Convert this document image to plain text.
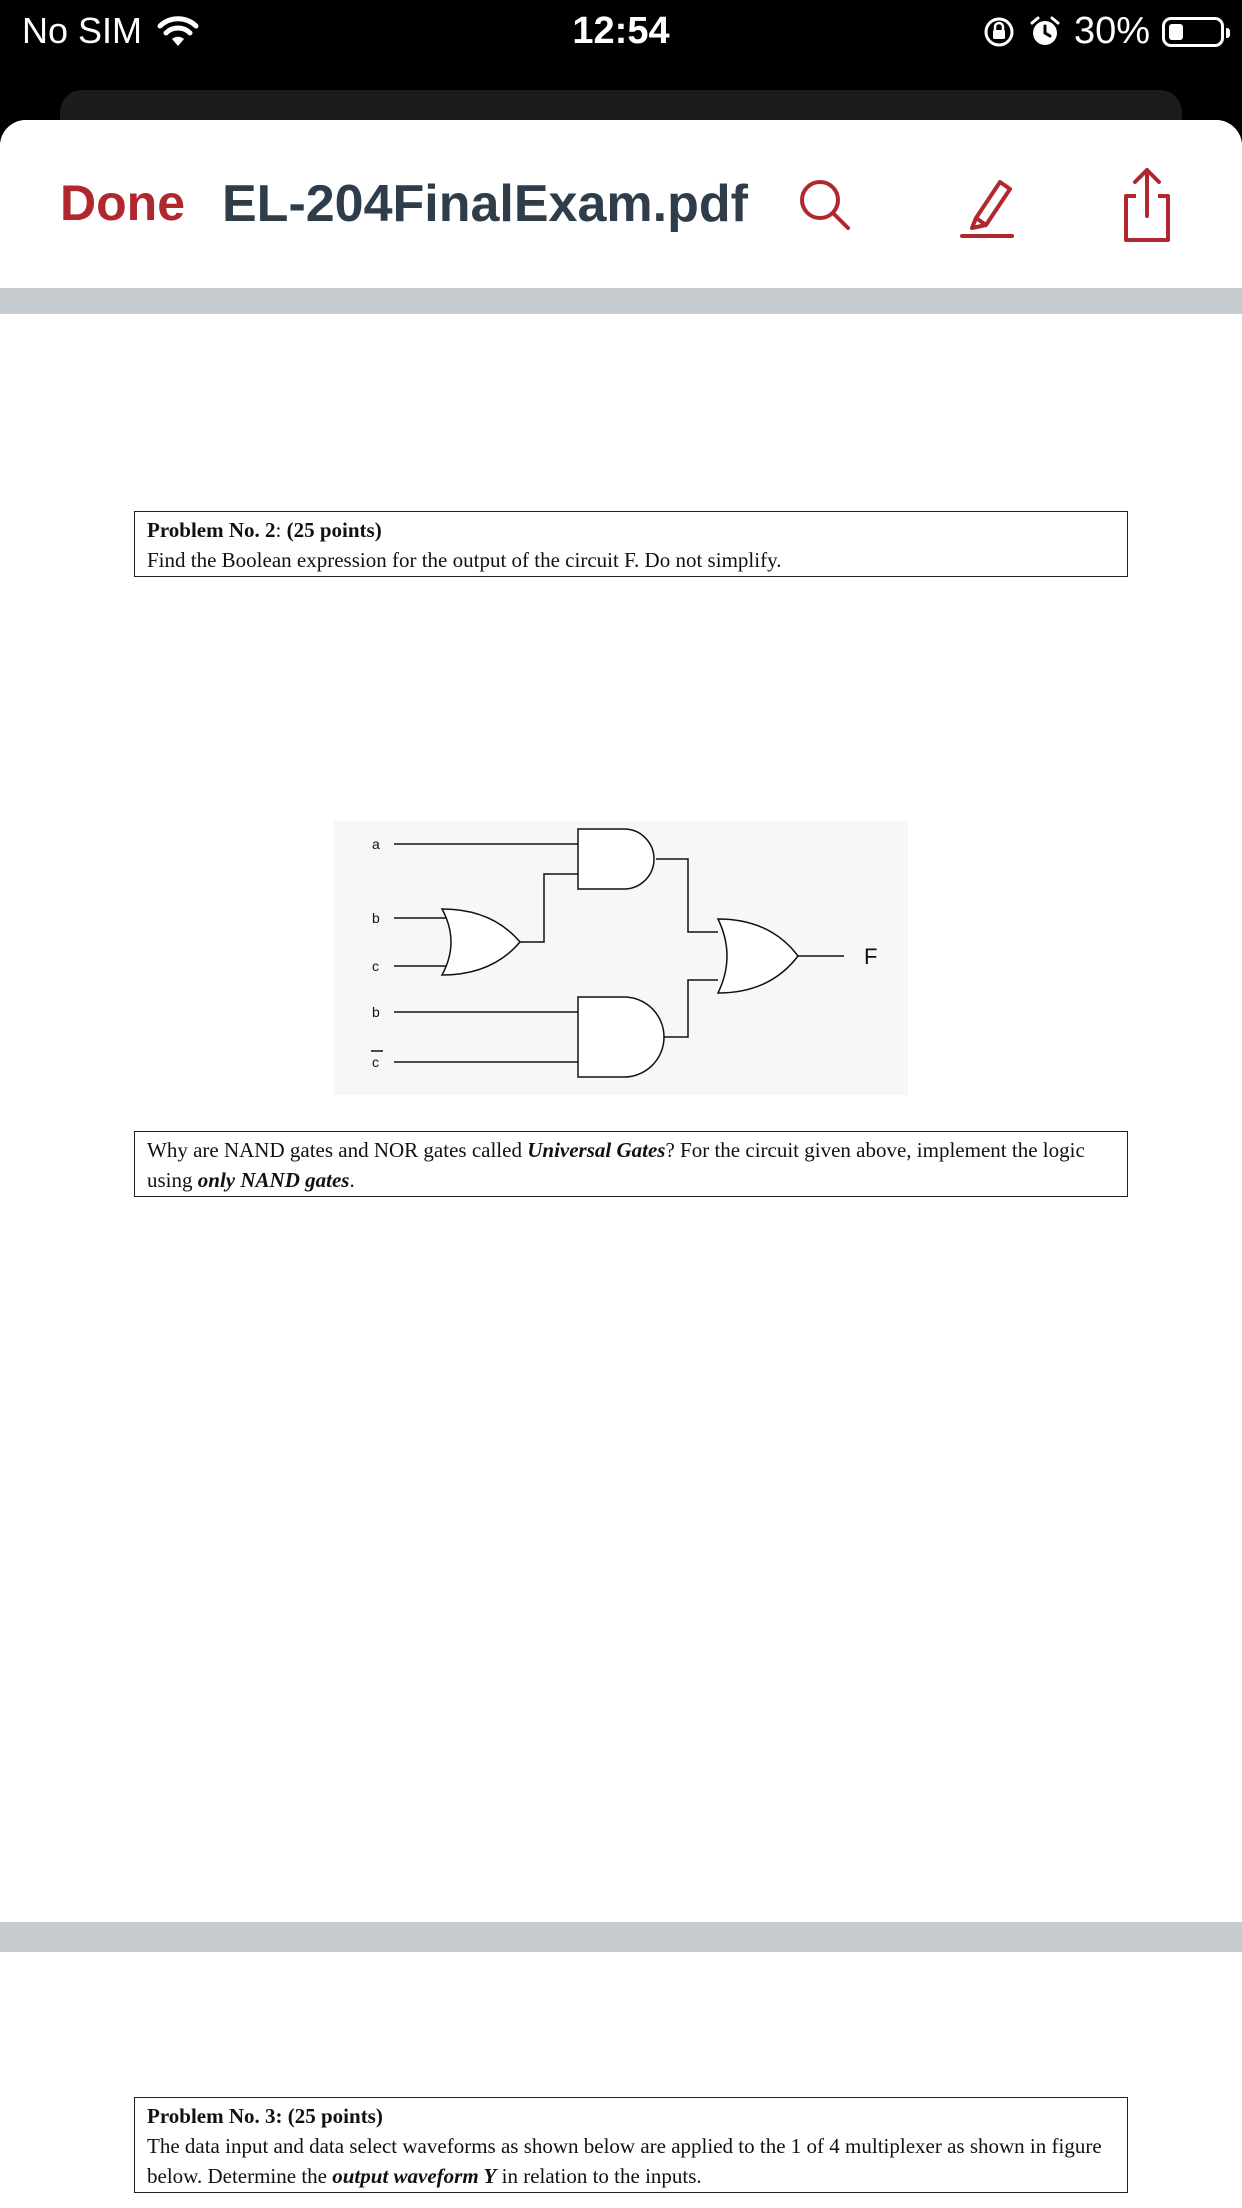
No SIM	12:54	30%
Done EL-204FinalExam.pdf
Problem No. 2: (25 points)
Find the Boolean expression for the output of the circuit F. Do not simplify.
a
b
c
b
c
F
Why are NAND gates and NOR gates called Universal Gates? For the circuit given above, implement the logic using only NAND gates.
Problem No. 3: (25 points)
The data input and data select waveforms as shown below are applied to the 1 of 4 multiplexer as shown in figure below. Determine the output waveform Y in relation to the inputs.
